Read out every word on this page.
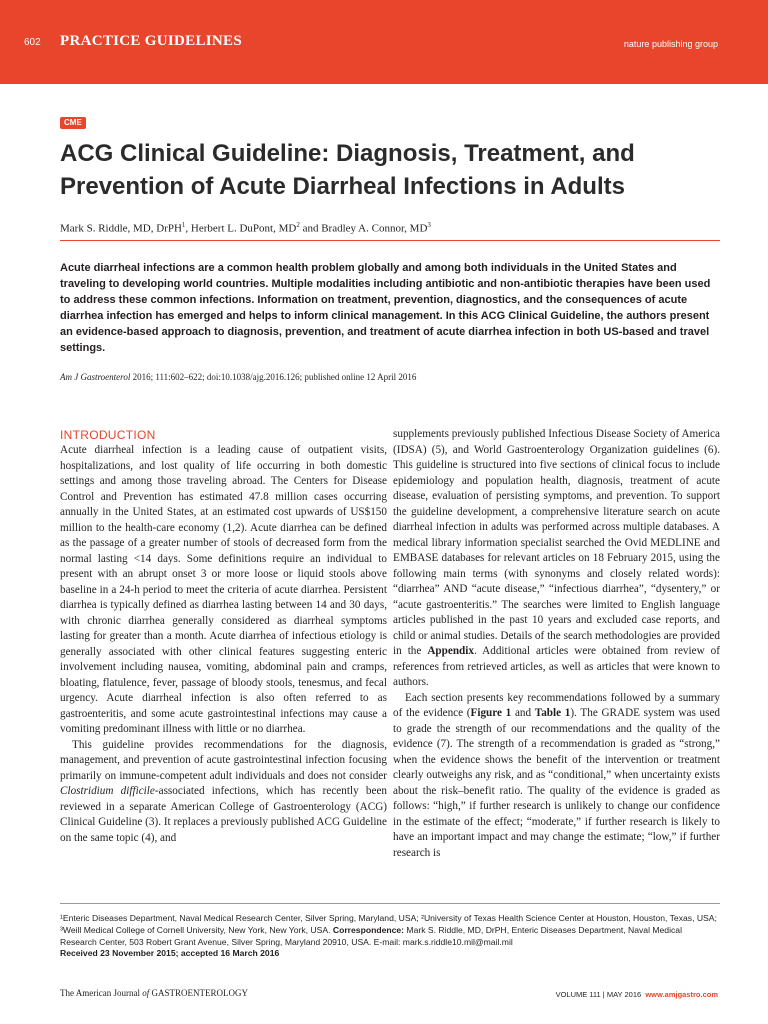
602 PRACTICE GUIDELINES	nature publishing group
CME
ACG Clinical Guideline: Diagnosis, Treatment, and Prevention of Acute Diarrheal Infections in Adults
Mark S. Riddle, MD, DrPH$^1$, Herbert L. DuPont, $MD^2$ and Bradley A. Connor, $MD^3$

Acute diarrheal infections are a common health problem globally and among both individuals in the United States and traveling to developing world countries. Multiple modalities including antibiotic and non-antibiotic therapies have been used to address these common infections. Information on treatment, prevention, diagnostics, and the consequences of acute diarrhea infection has emerged and helps to inform clinical management. In this ACG Clinical Guideline, the authors present an evidence-based approach to diagnosis, prevention, and treatment of acute diarrhea infection in both US-based and travel settings.

Am J Gastroenterol 2016; 111:602–622; doi:10.1038/ajg.2016.126; published online 12 April 2016
INTRODUCTION

Acute diarrheal infection is a leading cause of outpatient visits, hospitalizations, and lost quality of life occurring in both domestic settings and among those traveling abroad. The Centers for Disease Control and Prevention has estimated 47.8 million cases occurring annually in the United States, at an estimated cost upwards of US$150 million to the health-care economy (1,2). Acute diarrhea can be defined as the passage of a greater number of stools of decreased form from the normal lasting <14 days. Some definitions require an individual to present with an abrupt onset 3 or more loose or liquid stools above baseline in a 24-h period to meet the criteria of acute diarrhea. Persistent diarrhea is typically defined as diarrhea lasting between 14 and 30 days, with chronic diarrhea generally considered as diarrheal symptoms lasting for greater than a month. Acute diarrhea of infectious etiology is generally associated with other clinical features suggesting enteric involvement including nausea, vomiting, abdominal pain and cramps, bloating, flatulence, fever, passage of bloody stools, tenesmus, and fecal urgency. Acute diarrheal infection is also often referred to as gastroenteritis, and some acute gastrointestinal infections may cause a vomiting predominant illness with little or no diarrhea.

This guideline provides recommendations for the diagnosis, management, and prevention of acute gastrointestinal infection focusing primarily on immune-competent adult individuals and does not consider Clostridium difficile-associated infections, which has recently been reviewed in a separate American College of Gastroenterology (ACG) Clinical Guideline (3). It replaces a previously published ACG Guideline on the same topic (4), and

supplements previously published Infectious Disease Society of America (IDSA) (5), and World Gastroenterology Organization guidelines (6). This guideline is structured into five sections of clinical focus to include epidemiology and population health, diagnosis, treatment of acute disease, evaluation of persisting symptoms, and prevention. To support the guideline development, a comprehensive literature search on acute diarrheal infection in adults was performed across multiple databases. A medical library information specialist searched the Ovid MEDLINE and EMBASE databases for relevant articles on 18 February 2015, using the following main terms (with synonyms and closely related words): “diarrhea” AND “acute disease,” “infectious diarrhea”, “dysentery,” or “acute gastroenteritis.” The searches were limited to English language articles published in the past 10 years and excluded case reports, and child or animal studies. Details of the search methodologies are provided in the Appendix. Additional articles were obtained from review of references from retrieved articles, as well as articles that were known to authors.

Each section presents key recommendations followed by a summary of the evidence (Figure 1 and Table 1). The GRADE system was used to grade the strength of our recommendations and the quality of the evidence (7). The strength of a recommendation is graded as “strong,” when the evidence shows the benefit of the intervention or treatment clearly outweighs any risk, and as “conditional,” when uncertainty exists about the risk–benefit ratio. The quality of the evidence is graded as follows: “high,” if further research is unlikely to change our confidence in the estimate of the effect; “moderate,” if further research is likely to have an important impact and may change the estimate; “low,” if further research is

¹Enteric Diseases Department, Naval Medical Research Center, Silver Spring, Maryland, USA; ²University of Texas Health Science Center at Houston, Houston, Texas, USA; ³Weill Medical College of Cornell University, New York, New York, USA. Correspondence: Mark S. Riddle, MD, DrPH, Enteric Diseases Department, Naval Medical Research Center, 503 Robert Grant Avenue, Silver Spring, Maryland 20910, USA. E-mail: mark.s.riddle10.mil@mail.mil
Received 23 November 2015; accepted 16 March 2016
The American Journal of GASTROENTEROLOGY	VOLUME 111 | MAY 2016 www.amjgastro.com
